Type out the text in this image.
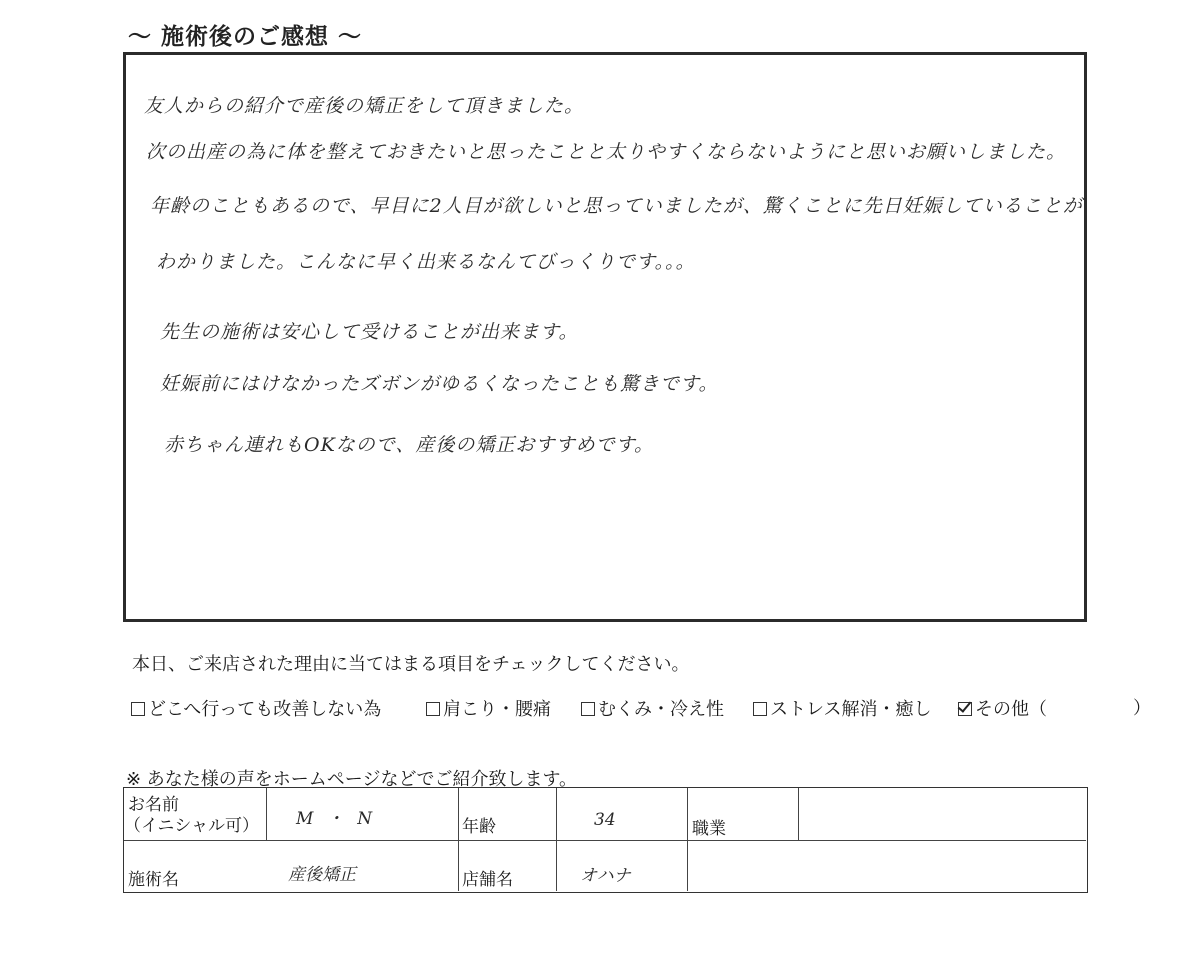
～ 施術後のご感想 ～
友人からの紹介で産後の矯正をして頂きました。
次の出産の為に体を整えておきたいと思ったことと太りやすくならないようにと思いお願いしました。
年齢のこともあるので、早目に2人目が欲しいと思っていましたが、驚くことに先日妊娠していることが
わかりました。こんなに早く出来るなんてびっくりです。。。
先生の施術は安心して受けることが出来ます。
妊娠前にはけなかったズボンがゆるくなったことも驚きです。
赤ちゃん連れもOKなので、産後の矯正おすすめです。
本日、ご来店された理由に当てはまる項目をチェックしてください。
どこへ行っても改善しない為	肩こり・腰痛	むくみ・冷え性	ストレス解消・癒し	その他（	）
※ あなた様の声をホームページなどでご紹介致します。
お名前
（イニシャル可） M ・ N	年齢	34	職業
施術名	産後矯正	店舗名	オハナ
